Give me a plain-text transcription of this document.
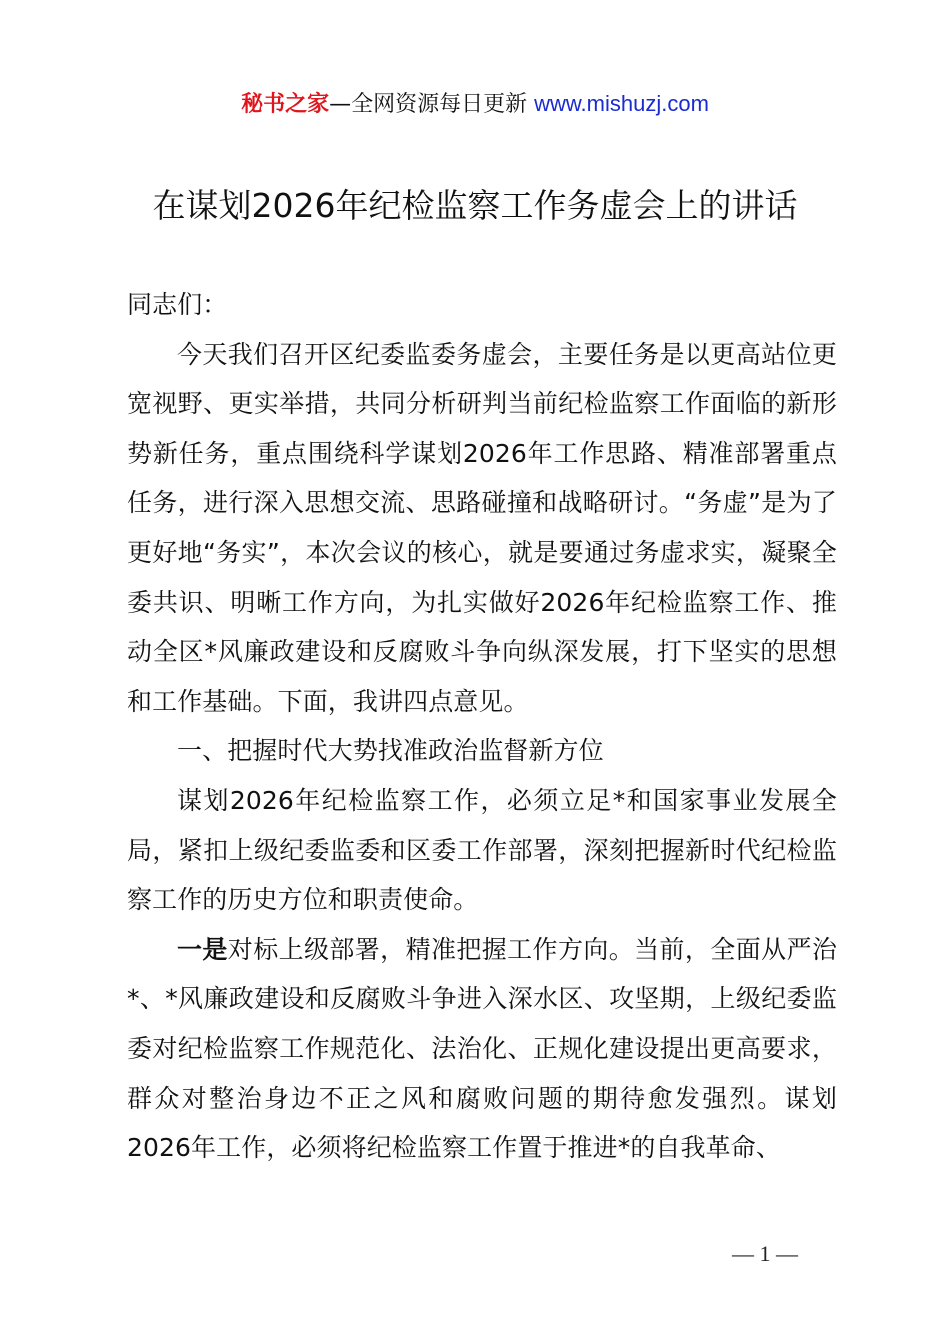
秘书之家—全网资源每日更新 www.mishuzj.com
在谋划2026年纪检监察工作务虚会上的讲话

同志们：

今天我们召开区纪委监委务虚会，主要任务是以更高站位更宽视野、更实举措，共同分析研判当前纪检监察工作面临的新形势新任务，重点围绕科学谋划2026年工作思路、精准部署重点任务，进行深入思想交流、思路碰撞和战略研讨。“务虚”是为了更好地“务实”，本次会议的核心，就是要通过务虚求实，凝聚全委共识、明晰工作方向，为扎实做好2026年纪检监察工作、推动全区*风廉政建设和反腐败斗争向纵深发展，打下坚实的思想和工作基础。下面，我讲四点意见。

一、把握时代大势找准政治监督新方位

谋划2026年纪检监察工作，必须立足*和国家事业发展全局，紧扣上级纪委监委和区委工作部署，深刻把握新时代纪检监察工作的历史方位和职责使命。

一是对标上级部署，精准把握工作方向。当前，全面从严治*、*风廉政建设和反腐败斗争进入深水区、攻坚期，上级纪委监委对纪检监察工作规范化、法治化、正规化建设提出更高要求，群众对整治身边不正之风和腐败问题的期待愈发强烈。谋划2026年工作，必须将纪检监察工作置于推进*的自我革命、

— 1 —
